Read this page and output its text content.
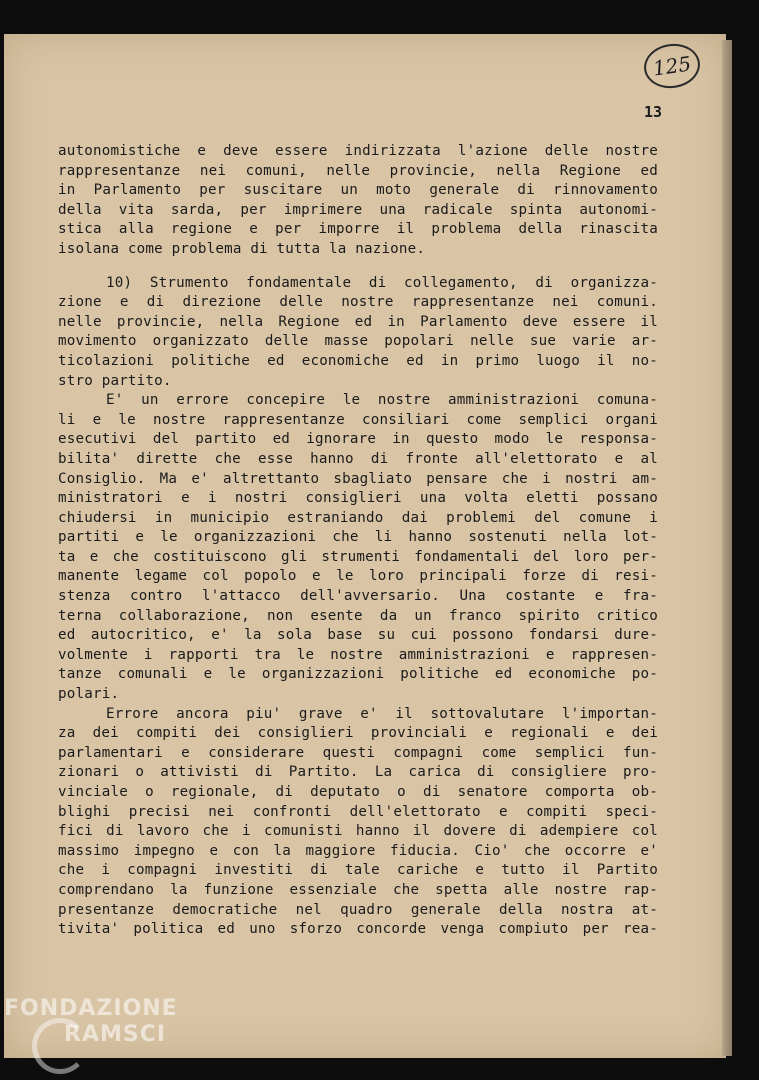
125
13
autonomistiche e deve essere indirizzata l'azione delle nostre
rappresentanze nei comuni, nelle provincie, nella Regione ed
in Parlamento per suscitare un moto generale di rinnovamento
della vita sarda, per imprimere una radicale spinta autonomi-
stica alla regione e per imporre il problema della rinascita
isolana come problema di tutta la nazione.
10) Strumento fondamentale di collegamento, di organizza-
zione e di direzione delle nostre rappresentanze nei comuni.
nelle provincie, nella Regione ed in Parlamento deve essere il
movimento organizzato delle masse popolari nelle sue varie ar-
ticolazioni politiche ed economiche ed in primo luogo il no-
stro partito.
E' un errore concepire le nostre amministrazioni comuna-
li e le nostre rappresentanze consiliari come semplici organi
esecutivi del partito ed ignorare in questo modo le responsa-
bilita' dirette che esse hanno di fronte all'elettorato e al
Consiglio. Ma e' altrettanto sbagliato pensare che i nostri am-
ministratori e i nostri consiglieri una volta eletti possano
chiudersi in municipio estraniando dai problemi del comune i
partiti e le organizzazioni che li hanno sostenuti nella lot-
ta e che costituiscono gli strumenti fondamentali del loro per-
manente legame col popolo e le loro principali forze di resi-
stenza contro l'attacco dell'avversario. Una costante e fra-
terna collaborazione, non esente da un franco spirito critico
ed autocritico, e' la sola base su cui possono fondarsi dure-
volmente i rapporti tra le nostre amministrazioni e rappresen-
tanze comunali e le organizzazioni politiche ed economiche po-
polari.
Errore ancora piu' grave e' il sottovalutare l'importan-
za dei compiti dei consiglieri provinciali e regionali e dei
parlamentari e considerare questi compagni come semplici fun-
zionari o attivisti di Partito. La carica di consigliere pro-
vinciale o regionale, di deputato o di senatore comporta ob-
blighi precisi nei confronti dell'elettorato e compiti speci-
fici di lavoro che i comunisti hanno il dovere di adempiere col
massimo impegno e con la maggiore fiducia. Cio' che occorre e'
che i compagni investiti di tale cariche e tutto il Partito
comprendano la funzione essenziale che spetta alle nostre rap-
presentanze democratiche nel quadro generale della nostra at-
tivita' politica ed uno sforzo concorde venga compiuto per rea-
FONDAZIONE
RAMSCI
